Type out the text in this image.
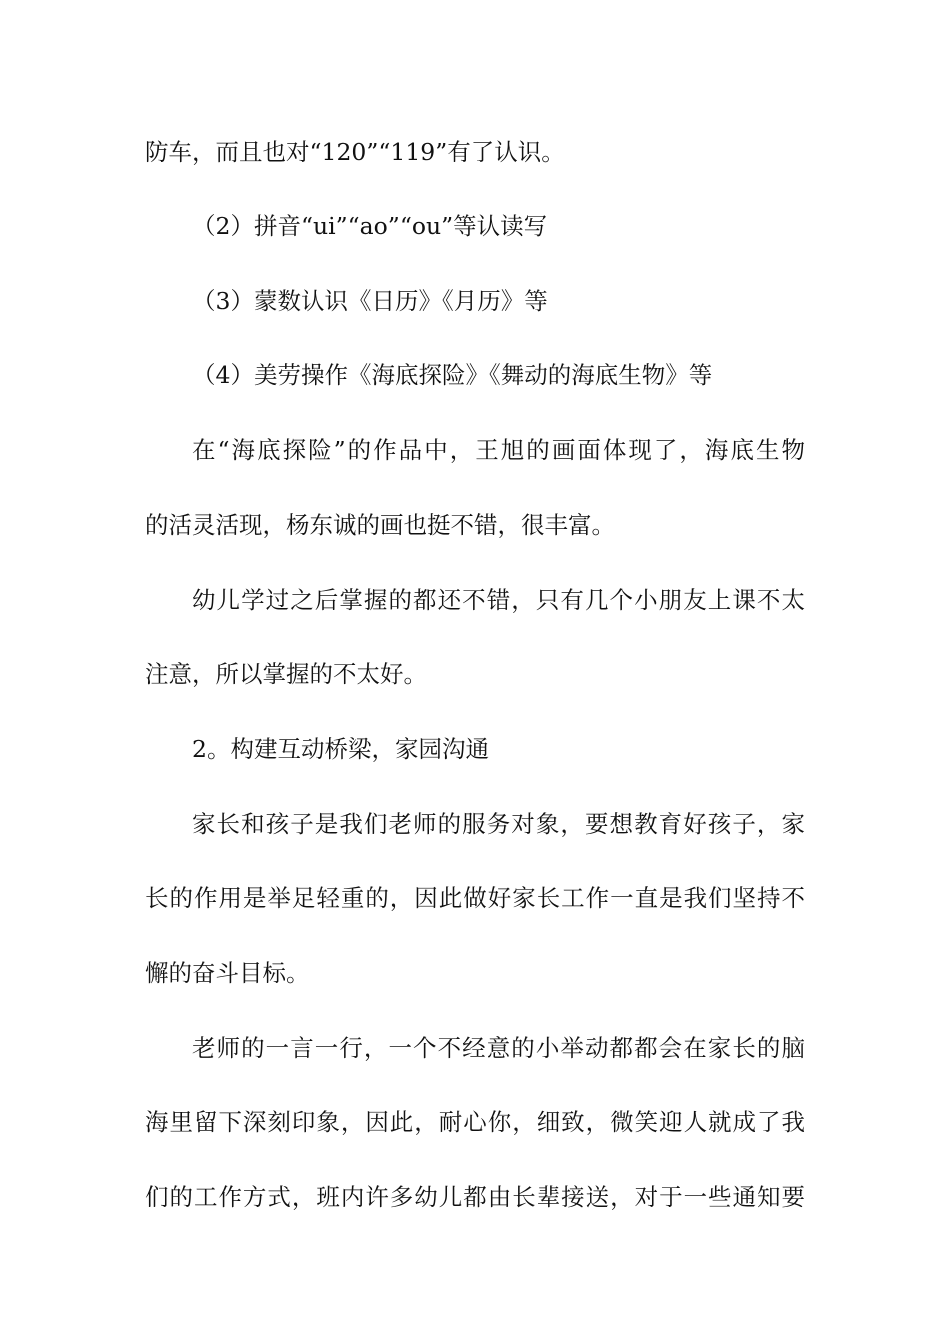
防车，而且也对“120”“119”有了认识。
（2）拼音“ui”“ao”“ou”等认读写
（3）蒙数认识《日历》《月历》等
（4）美劳操作《海底探险》《舞动的海底生物》等
在“海底探险”的作品中，王旭的画面体现了，海底生物
的活灵活现，杨东诚的画也挺不错，很丰富。
幼儿学过之后掌握的都还不错，只有几个小朋友上课不太
注意，所以掌握的不太好。
2。构建互动桥梁，家园沟通
家长和孩子是我们老师的服务对象，要想教育好孩子，家
长的作用是举足轻重的，因此做好家长工作一直是我们坚持不
懈的奋斗目标。
老师的一言一行，一个不经意的小举动都都会在家长的脑
海里留下深刻印象，因此，耐心你，细致，微笑迎人就成了我
们的工作方式，班内许多幼儿都由长辈接送，对于一些通知要
